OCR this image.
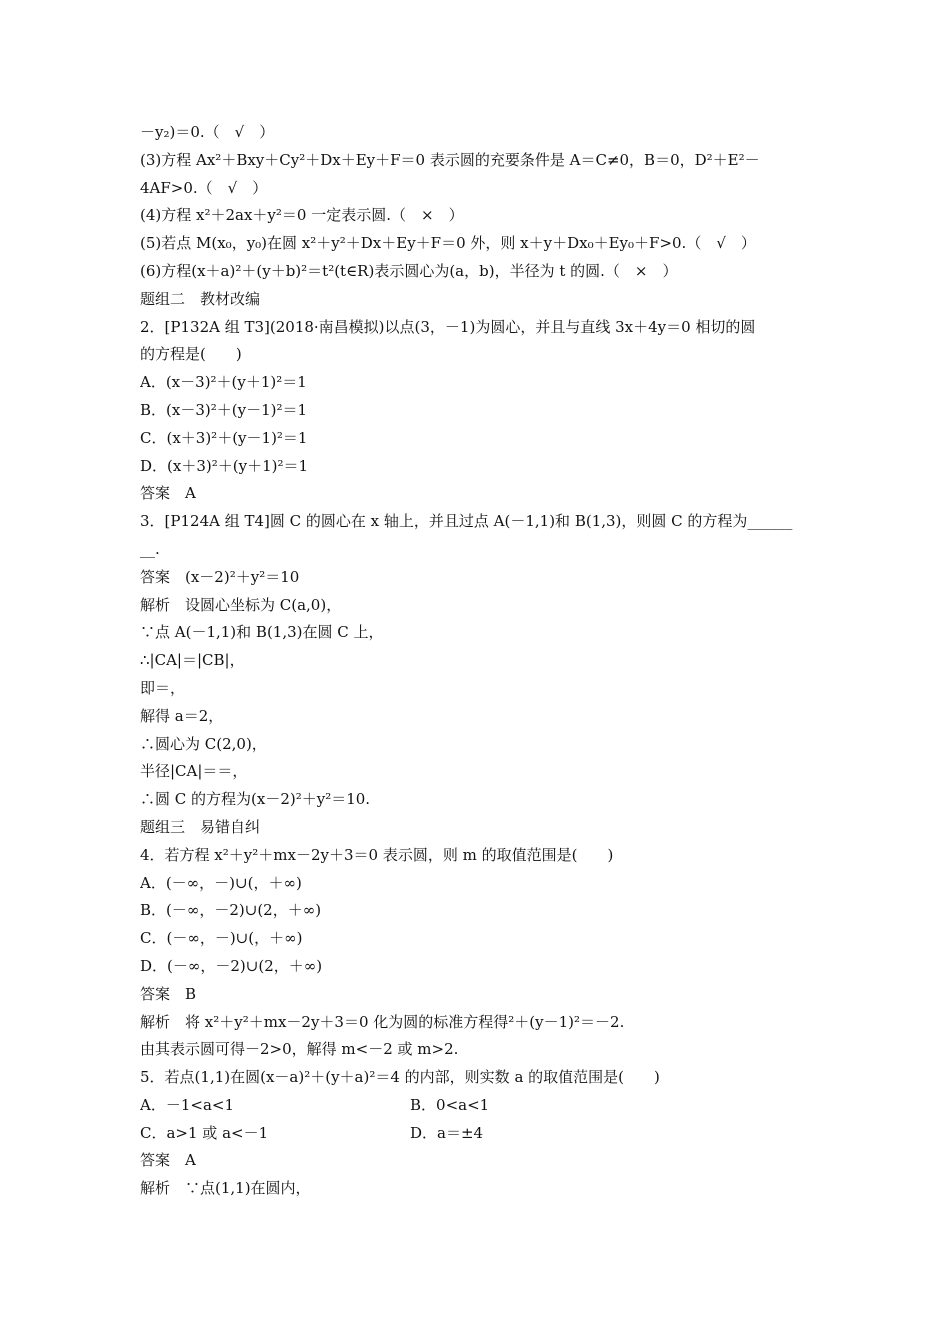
－y₂)＝0.（　√　）
(3)方程 Ax²＋Bxy＋Cy²＋Dx＋Ey＋F＝0 表示圆的充要条件是 A＝C≠0，B＝0，D²＋E²－
4AF>0.（　√　）
(4)方程 x²＋2ax＋y²＝0 一定表示圆.（　×　）
(5)若点 M(x₀，y₀)在圆 x²＋y²＋Dx＋Ey＋F＝0 外，则 x＋y＋Dx₀＋Ey₀＋F>0.（　√　）
(6)方程(x＋a)²＋(y＋b)²＝t²(t∈R)表示圆心为(a，b)，半径为 t 的圆.（　×　）
题组二　教材改编
2．[P132A 组 T3](2018·南昌模拟)以点(3，－1)为圆心，并且与直线 3x＋4y＝0 相切的圆
的方程是(　　)
A．(x－3)²＋(y＋1)²＝1
B．(x－3)²＋(y－1)²＝1
C．(x＋3)²＋(y－1)²＝1
D．(x＋3)²＋(y＋1)²＝1
答案　A
3．[P124A 组 T4]圆 C 的圆心在 x 轴上，并且过点 A(－1,1)和 B(1,3)，则圆 C 的方程为______
__.
答案　(x－2)²＋y²＝10
解析　设圆心坐标为 C(a,0)，
∵点 A(－1,1)和 B(1,3)在圆 C 上，
∴|CA|＝|CB|，
即＝，
解得 a＝2，
∴圆心为 C(2,0)，
半径|CA|＝＝，
∴圆 C 的方程为(x－2)²＋y²＝10.
题组三　易错自纠
4．若方程 x²＋y²＋mx－2y＋3＝0 表示圆，则 m 的取值范围是(　　)
A．(－∞，－)∪(，＋∞)
B．(－∞，－2)∪(2，＋∞)
C．(－∞，－)∪(，＋∞)
D．(－∞，－2)∪(2，＋∞)
答案　B
解析　将 x²＋y²＋mx－2y＋3＝0 化为圆的标准方程得²＋(y－1)²＝－2.
由其表示圆可得－2>0，解得 m<－2 或 m>2.
5．若点(1,1)在圆(x－a)²＋(y＋a)²＝4 的内部，则实数 a 的取值范围是(　　)
A．－1<a<1	B．0<a<1
C．a>1 或 a<－1	D．a＝±4
答案　A
解析　∵点(1,1)在圆内，
